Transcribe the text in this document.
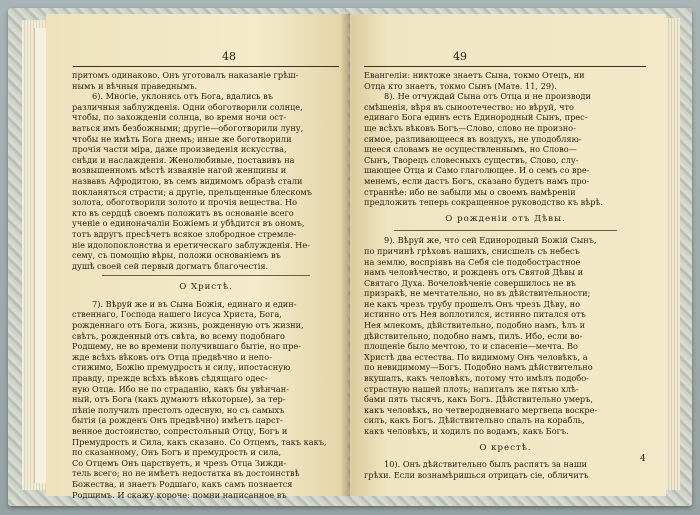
48
притомъ одинаково. Онъ уготовалъ наказаніе грѣш-
нымъ и вѣчныя праведнымъ.
6). Многіе, уклонясь отъ Бога, вдались въ
различныя заблужденія. Одни обоготворили солнце,
чтобы, по захожденіи солнца, во время ночи ост-
ваться имъ безбожными; другіе—обоготворили луну,
чтобы не имѣть Бога днемъ; иные же боготворили
прочія части міра, даже произведенія искусства,
снѣди и наслажденія. Женолюбивые, поставивъ на
возвышенномъ мѣстѣ изваяніе нагой женщины и
назвавъ Афродитою, въ семъ видимомъ образѣ стали
покланяться страсти; а другіе, прельщенные блескомъ
золота, обоготворили золото и прочія вещества. Но
кто въ сердцѣ своемъ положитъ въ основаніе всего
ученіе о единоначаліи Божіемъ и убѣдится въ ономъ,
тотъ вдругъ пресѣчетъ всякое злобродное стремле-
ніе идолопоклонства и еретическаго заблужденія. Не-
сему, съ помощію вѣры, положи основаніемъ въ
душѣ своей сей первый догматъ благочестія.
О Христѣ.
7). Вѣруй же и въ Сына Божія, единаго и един-
ственнаго, Господа нашего Іисуса Христа, Бога,
рожденнаго отъ Бога, жизнь, рожденную отъ жизни,
свѣтъ, рожденный отъ свѣта, во всему подобнаго
Родшему, не во времени получившаго бытіе, но пре-
жде всѣхъ вѣковъ отъ Отца предвѣчно и непо-
стижимо, Божію премудрость и силу, ипостасную
правду, прежде всѣхъ вѣковъ сѣдящаго одес-
ную Отца. Ибо не по страданію, какъ бы увѣнчан-
ный, отъ Бога (какъ думаютъ нѣкоторые), за тер-
пѣніе получилъ престолъ одесную, но съ самыхъ
бытія (а рожденъ Онъ предвѣчно) имѣетъ царст-
венное достоинство, сопрестольный Отцу, Богъ и
Премудрость и Сила, какъ сказано. Со Отцемъ, такъ какъ,
по сказанному, Онъ Богъ и премудрость и сила,
Со Отцемъ Онъ царствуетъ, и чрезъ Отца Зижди-
тель всего; но не имѣетъ недостатка въ достоинствѣ
Божества, и знаетъ Родшаго, какъ самъ познается
Родшимъ. И скажу короче: помни написанное въ
49
Евангеліи: никтоже знаетъ Сына, токмо Отецъ, ни
Отца кто знаетъ, токмо Сынъ (Матѳ. 11, 29).
8). Не отчуждай Сына отъ Отца и не производи
смѣшенія, вѣря въ сыноотечество: но вѣруй, что
единаго Бога единъ есть Единородный Сынъ, прес-
ще всѣхъ вѣковъ Богъ—Слово, слово не произно-
симое, разливающееся въ воздухъ, не уподобляю-
щееся словамъ не осуществленнымъ, но Слово—
Сынъ, Творецъ словесныхъ существъ, Слово, слу-
шающее Отца и Само глаголющее. И о семъ со вре-
менемъ, если дастъ Богъ, сказано будетъ намъ про-
страннѣе: ибо не забыли мы о своемъ намѣреніи
предложить теперь сокращенное руководство къ вѣрѣ.
О рожденіи отъ Дѣвы.
9). Вѣруй же, что сей Единородный Божій Сынъ,
по причинѣ грѣховъ нашихъ, снисшелъ съ небесъ
на землю, воспріявъ на Себя сіе подобострастное
намъ человѣчество, и рожденъ отъ Святой Дѣвы и
Святаго Духа. Вочеловѣченіе совершилось не въ
призракѣ, не мечтательно, но въ дѣйствительности;
не какъ чрезъ трубу прошелъ Онъ чрезъ Дѣву, но
истинно отъ Нея воплотился, истинно питался отъ
Нея млекомъ, дѣйствительно, подобно намъ, ѣлъ и
дѣйствительно, подобно намъ, пилъ. Ибо, если во-
площеніе было мечтою, то и спасеніе—мечта. Во
Христѣ два естества. По видимому Онъ человѣкъ, а
по невидимому—Богъ. Подобно намъ дѣйствительно
вкушалъ, какъ человѣкъ, потому что имѣлъ подобо-
страстную нашей плоть; напиталъ же пятью хлѣ-
бами пять тысячъ, какъ Богъ. Дѣйствительно умеръ,
какъ человѣкъ, но четверодневнаго мертвеца воскре-
силъ, какъ Богъ. Дѣйствительно спалъ на корабль,
какъ человѣкъ, и ходилъ по водамъ, какъ Богъ.
О крестѣ.
10). Онъ дѣйствительно былъ распятъ за наши
грѣхи. Если вознамѣришься отрицать сіе, обличитъ
4
